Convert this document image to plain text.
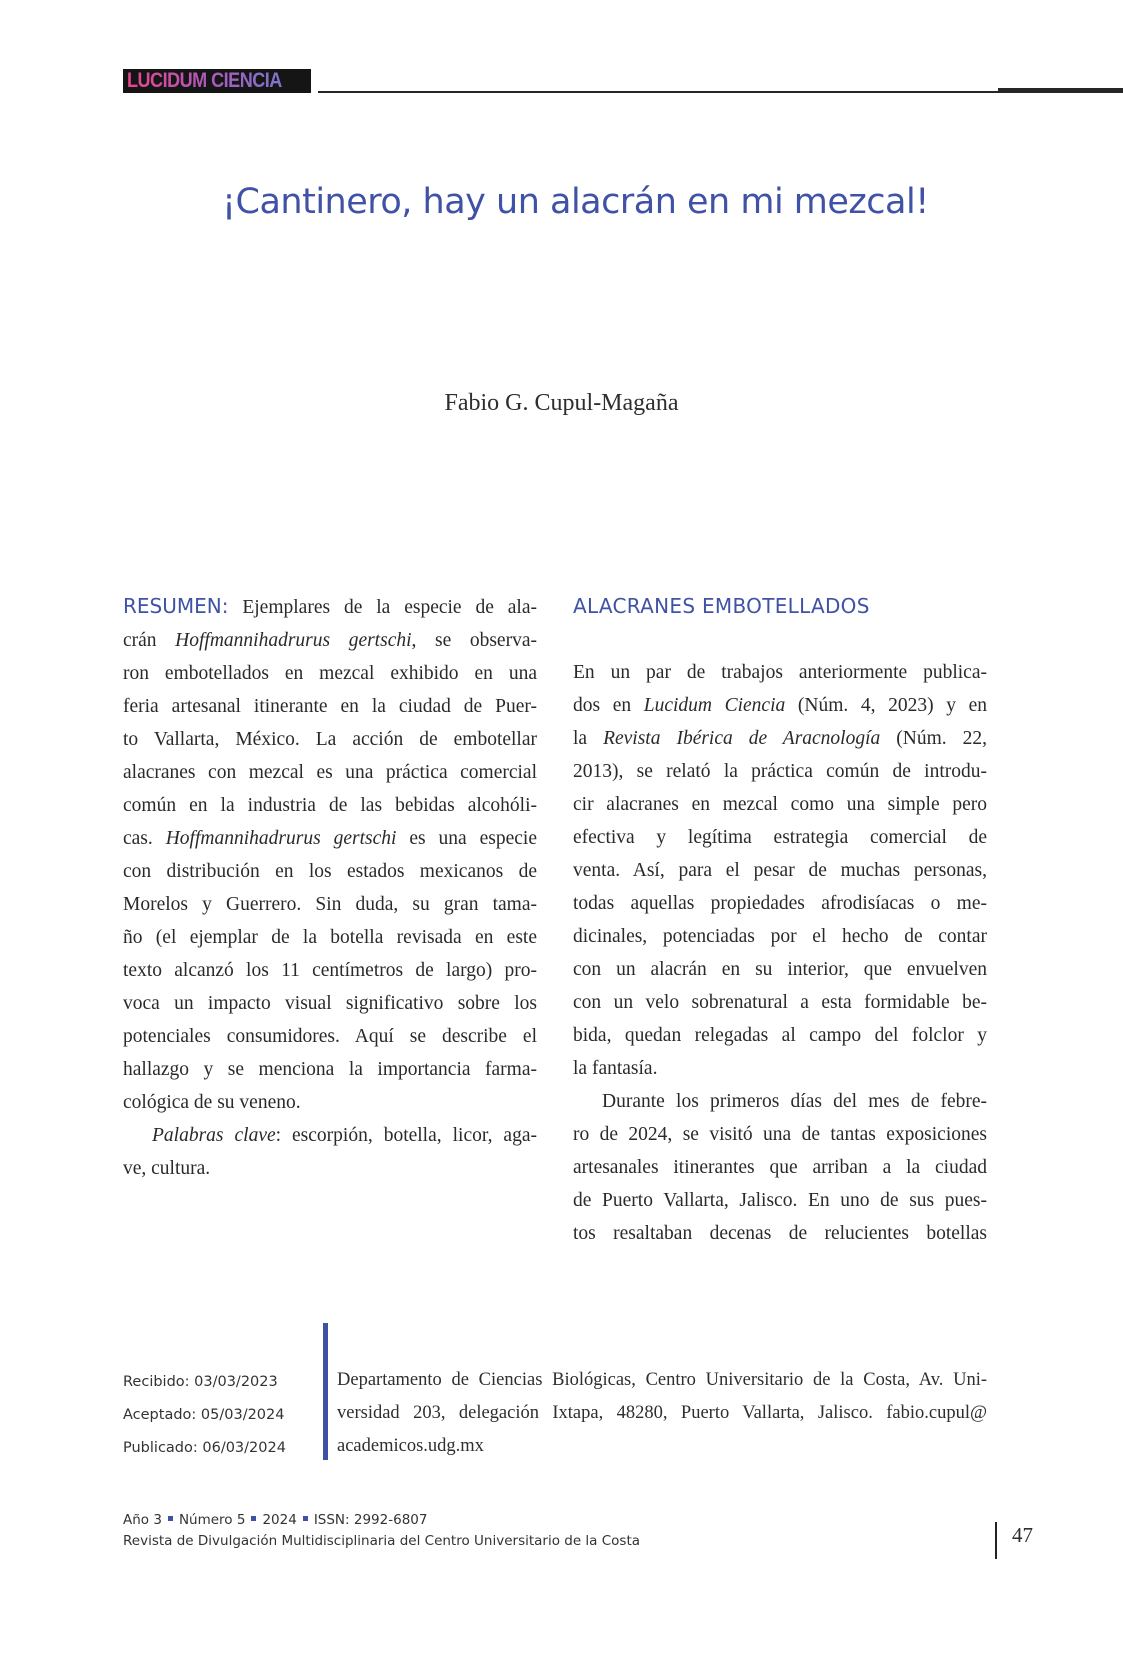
LUCIDUM CIENCIA
¡Cantinero, hay un alacrán en mi mezcal!
Fabio G. Cupul-Magaña
RESUMEN: Ejemplares de la especie de ala-
crán Hoffmannihadrurus gertschi, se observa-
ron embotellados en mezcal exhibido en una
feria artesanal itinerante en la ciudad de Puer-
to Vallarta, México. La acción de embotellar
alacranes con mezcal es una práctica comercial
común en la industria de las bebidas alcohóli-
cas. Hoffmannihadrurus gertschi es una especie
con distribución en los estados mexicanos de
Morelos y Guerrero. Sin duda, su gran tama-
ño (el ejemplar de la botella revisada en este
texto alcanzó los 11 centímetros de largo) pro-
voca un impacto visual significativo sobre los
potenciales consumidores. Aquí se describe el
hallazgo y se menciona la importancia farma-
cológica de su veneno.
Palabras clave: escorpión, botella, licor, aga-
ve, cultura.
ALACRANES EMBOTELLADOS
En un par de trabajos anteriormente publica-
dos en Lucidum Ciencia (Núm. 4, 2023) y en
la Revista Ibérica de Aracnología (Núm. 22,
2013), se relató la práctica común de introdu-
cir alacranes en mezcal como una simple pero
efectiva y legítima estrategia comercial de
venta. Así, para el pesar de muchas personas,
todas aquellas propiedades afrodisíacas o me-
dicinales, potenciadas por el hecho de contar
con un alacrán en su interior, que envuelven
con un velo sobrenatural a esta formidable be-
bida, quedan relegadas al campo del folclor y
la fantasía.
Durante los primeros días del mes de febre-
ro de 2024, se visitó una de tantas exposiciones
artesanales itinerantes que arriban a la ciudad
de Puerto Vallarta, Jalisco. En uno de sus pues-
tos resaltaban decenas de relucientes botellas
Recibido: 03/03/2023
Aceptado: 05/03/2024
Publicado: 06/03/2024
Departamento de Ciencias Biológicas, Centro Universitario de la Costa, Av. Uni-
versidad 203, delegación Ixtapa, 48280, Puerto Vallarta, Jalisco. fabio.cupul@
academicos.udg.mx
Año 3 Número 5 2024 ISSN: 2992-6807
Revista de Divulgación Multidisciplinaria del Centro Universitario de la Costa	47
